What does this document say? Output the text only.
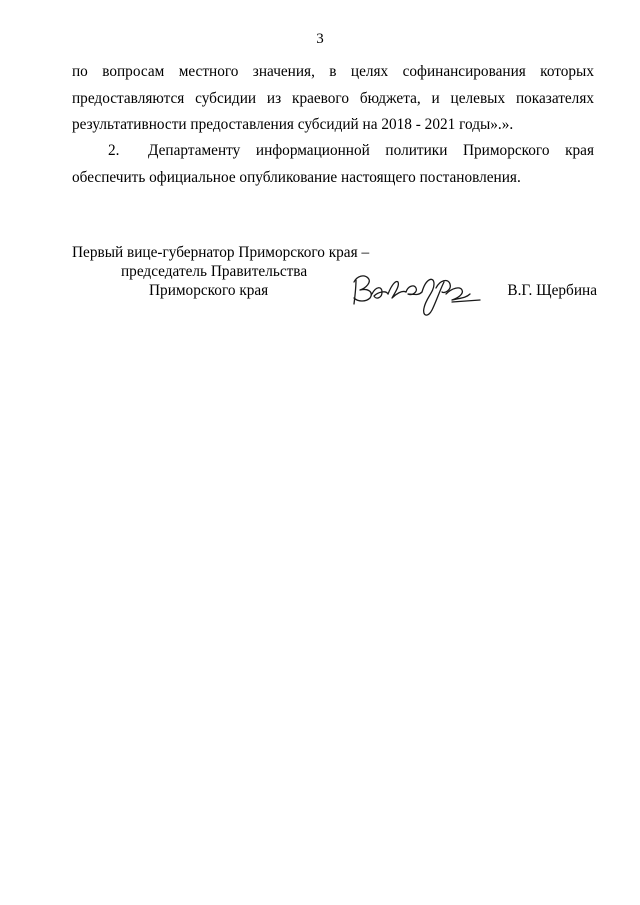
3

по вопросам местного значения, в целях софинансирования которых предоставляются субсидии из краевого бюджета, и целевых показателях результативности предоставления субсидий на 2018 - 2021 годы».».

2. Департаменту информационной политики Приморского края обеспечить официальное опубликование настоящего постановления.

Первый вице-губернатор Приморского края –
председатель Правительства
Приморского края	В.Г. Щербина
